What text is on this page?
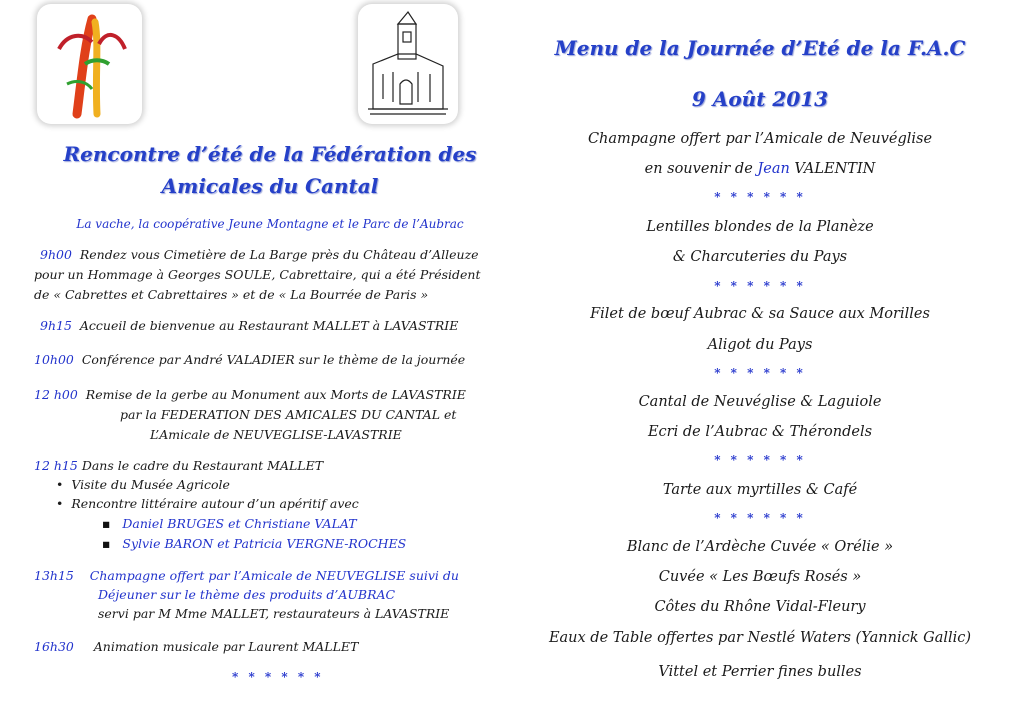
Rencontre d’été de la Fédération des
Amicales du Cantal
La vache, la coopérative Jeune Montagne et le Parc de l’Aubrac
9h00 Rendez vous Cimetière de La Barge près du Château d’Alleuze
pour un Hommage à Georges SOULE, Cabrettaire, qui a été Président
de « Cabrettes et Cabrettaires » et de « La Bourrée de Paris »
9h15 Accueil de bienvenue au Restaurant MALLET à LAVASTRIE
10h00 Conférence par André VALADIER sur le thème de la journée
12 h00 Remise de la gerbe au Monument aux Morts de LAVASTRIE
par la FEDERATION DES AMICALES DU CANTAL et
L’Amicale de NEUVEGLISE-LAVASTRIE
12 h15 Dans le cadre du Restaurant MALLET
•  Visite du Musée Agricole
•  Rencontre littéraire autour d’un apéritif avec
▪ Daniel BRUGES et Christiane VALAT
▪ Sylvie BARON et Patricia VERGNE-ROCHES
13h15 Champagne offert par l’Amicale de NEUVEGLISE suivi du
Déjeuner sur le thème des produits d’AUBRAC
servi par M Mme MALLET, restaurateurs à LAVASTRIE
16h30 Animation musicale par Laurent MALLET
* * * * * *
Menu de la Journée d’Eté de la F.A.C
9 Août 2013
Champagne offert par l’Amicale de Neuvéglise
en souvenir de Jean VALENTIN
* * * * * *
Lentilles blondes de la Planèze
& Charcuteries du Pays
* * * * * *
Filet de bœuf Aubrac & sa Sauce aux Morilles
Aligot du Pays
* * * * * *
Cantal de Neuvéglise & Laguiole
Ecri de l’Aubrac & Thérondels
* * * * * *
Tarte aux myrtilles & Café
* * * * * *
Blanc de l’Ardèche Cuvée « Orélie »
Cuvée « Les Bœufs Rosés »
Côtes du Rhône Vidal-Fleury
Eaux de Table offertes par Nestlé Waters (Yannick Gallic)
Vittel et Perrier fines bulles
